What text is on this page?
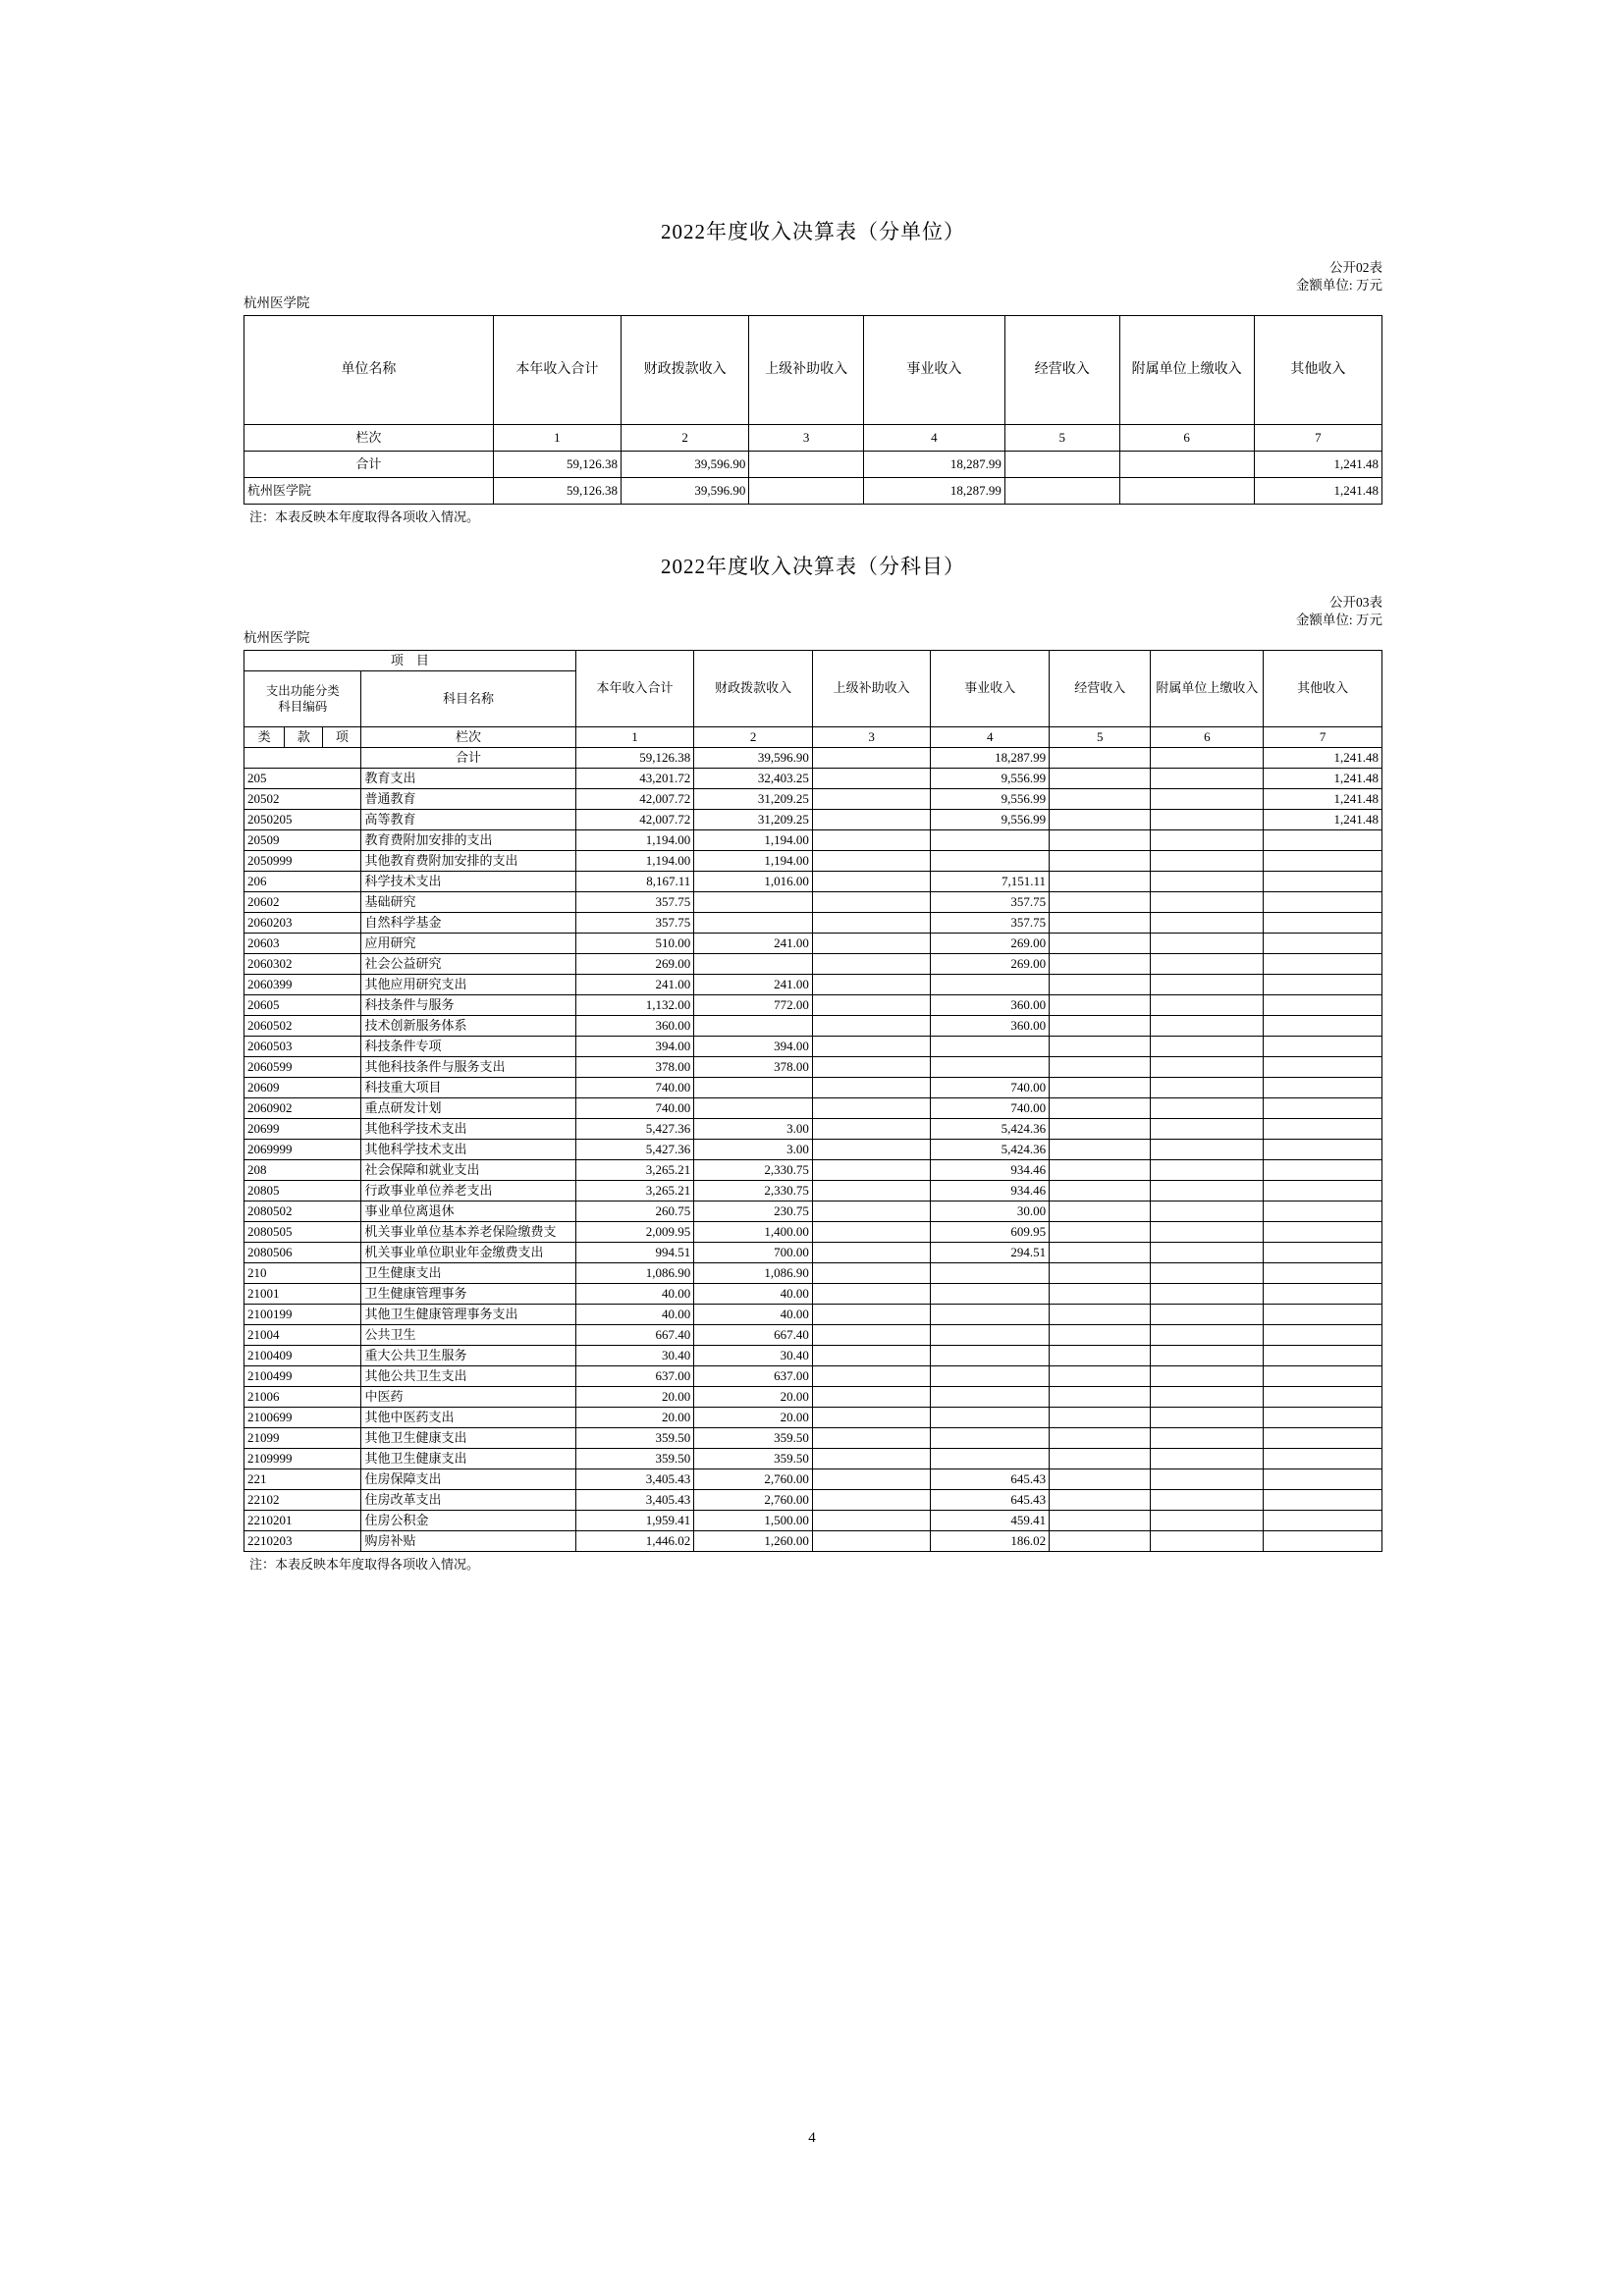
2022年度收入决算表（分单位）
公开02表
金额单位: 万元
杭州医学院
单位名称	本年收入合计	财政拨款收入	上级补助收入	事业收入	经营收入	附属单位上缴收入	其他收入
栏次	1	2	3	4	5	6	7
合计	59,126.38	39,596.90		18,287.99			1,241.48
杭州医学院	59,126.38	39,596.90		18,287.99			1,241.48
注：本表反映本年度取得各项收入情况。
2022年度收入决算表（分科目）
公开03表
金额单位: 万元
杭州医学院
项　目				本年收入合计	财政拨款收入	上级补助收入	事业收入	经营收入	附属单位上缴收入	其他收入
支出功能分类
科目编码			科目名称							
类	款	项	栏次	1	2	3	4	5	6	7
			合计	59,126.38	39,596.90		18,287.99			1,241.48
205			教育支出	43,201.72	32,403.25		9,556.99			1,241.48
20502			普通教育	42,007.72	31,209.25		9,556.99			1,241.48
2050205			高等教育	42,007.72	31,209.25		9,556.99			1,241.48
20509			教育费附加安排的支出	1,194.00	1,194.00					
2050999			其他教育费附加安排的支出	1,194.00	1,194.00					
206			科学技术支出	8,167.11	1,016.00		7,151.11			
20602			基础研究	357.75			357.75			
2060203			自然科学基金	357.75			357.75			
20603			应用研究	510.00	241.00		269.00			
2060302			社会公益研究	269.00			269.00			
2060399			其他应用研究支出	241.00	241.00					
20605			科技条件与服务	1,132.00	772.00		360.00			
2060502			技术创新服务体系	360.00			360.00			
2060503			科技条件专项	394.00	394.00					
2060599			其他科技条件与服务支出	378.00	378.00					
20609			科技重大项目	740.00			740.00			
2060902			重点研发计划	740.00			740.00			
20699			其他科学技术支出	5,427.36	3.00		5,424.36			
2069999			其他科学技术支出	5,427.36	3.00		5,424.36			
208			社会保障和就业支出	3,265.21	2,330.75		934.46			
20805			行政事业单位养老支出	3,265.21	2,330.75		934.46			
2080502			事业单位离退休	260.75	230.75		30.00			
2080505			机关事业单位基本养老保险缴费支	2,009.95	1,400.00		609.95			
2080506			机关事业单位职业年金缴费支出	994.51	700.00		294.51			
210			卫生健康支出	1,086.90	1,086.90					
21001			卫生健康管理事务	40.00	40.00					
2100199			其他卫生健康管理事务支出	40.00	40.00					
21004			公共卫生	667.40	667.40					
2100409			重大公共卫生服务	30.40	30.40					
2100499			其他公共卫生支出	637.00	637.00					
21006			中医药	20.00	20.00					
2100699			其他中医药支出	20.00	20.00					
21099			其他卫生健康支出	359.50	359.50					
2109999			其他卫生健康支出	359.50	359.50					
221			住房保障支出	3,405.43	2,760.00		645.43			
22102			住房改革支出	3,405.43	2,760.00		645.43			
2210201			住房公积金	1,959.41	1,500.00		459.41			
2210203			购房补贴	1,446.02	1,260.00		186.02			
注：本表反映本年度取得各项收入情况。
4
